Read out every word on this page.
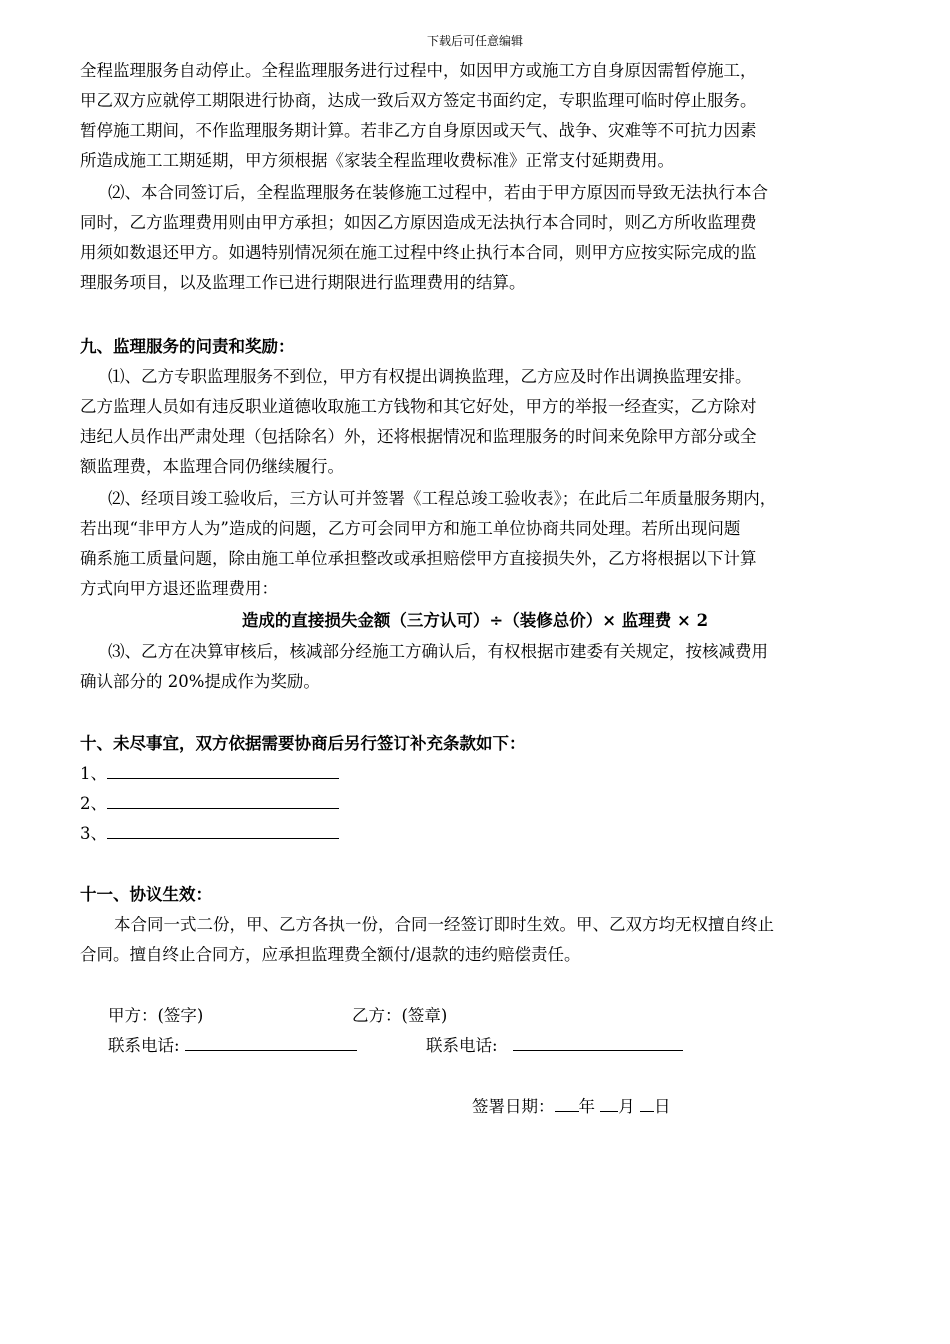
下载后可任意编辑
全程监理服务自动停止。全程监理服务进行过程中，如因甲方或施工方自身原因需暂停施工，
甲乙双方应就停工期限进行协商，达成一致后双方签定书面约定，专职监理可临时停止服务。
暂停施工期间，不作监理服务期计算。若非乙方自身原因或天气、战争、灾难等不可抗力因素
所造成施工工期延期，甲方须根据《家装全程监理收费标准》正常支付延期费用。
⑵、本合同签订后，全程监理服务在装修施工过程中，若由于甲方原因而导致无法执行本合
同时，乙方监理费用则由甲方承担；如因乙方原因造成无法执行本合同时，则乙方所收监理费
用须如数退还甲方。如遇特别情况须在施工过程中终止执行本合同，则甲方应按实际完成的监
理服务项目，以及监理工作已进行期限进行监理费用的结算。
九、监理服务的问责和奖励：
⑴、乙方专职监理服务不到位，甲方有权提出调换监理，乙方应及时作出调换监理安排。
乙方监理人员如有违反职业道德收取施工方钱物和其它好处，甲方的举报一经查实，乙方除对
违纪人员作出严肃处理（包括除名）外，还将根据情况和监理服务的时间来免除甲方部分或全
额监理费，本监理合同仍继续履行。
⑵、经项目竣工验收后，三方认可并签署《工程总竣工验收表》；在此后二年质量服务期内，
若出现“非甲方人为”造成的问题，乙方可会同甲方和施工单位协商共同处理。若所出现问题
确系施工质量问题，除由施工单位承担整改或承担赔偿甲方直接损失外，乙方将根据以下计算
方式向甲方退还监理费用：
造成的直接损失金额（三方认可）÷（装修总价）× 监理费 × 2
⑶、乙方在决算审核后，核减部分经施工方确认后，有权根据市建委有关规定，按核减费用
确认部分的 20%提成作为奖励。
十、未尽事宜，双方依据需要协商后另行签订补充条款如下：
1、
2、
3、
十一、协议生效：
本合同一式二份，甲、乙方各执一份，合同一经签订即时生效。甲、乙双方均无权擅自终止
合同。擅自终止合同方，应承担监理费全额付/退款的违约赔偿责任。
甲方：(签字)	乙方：(签章)
联系电话:	联系电话:
签署日期： 年 月 日
